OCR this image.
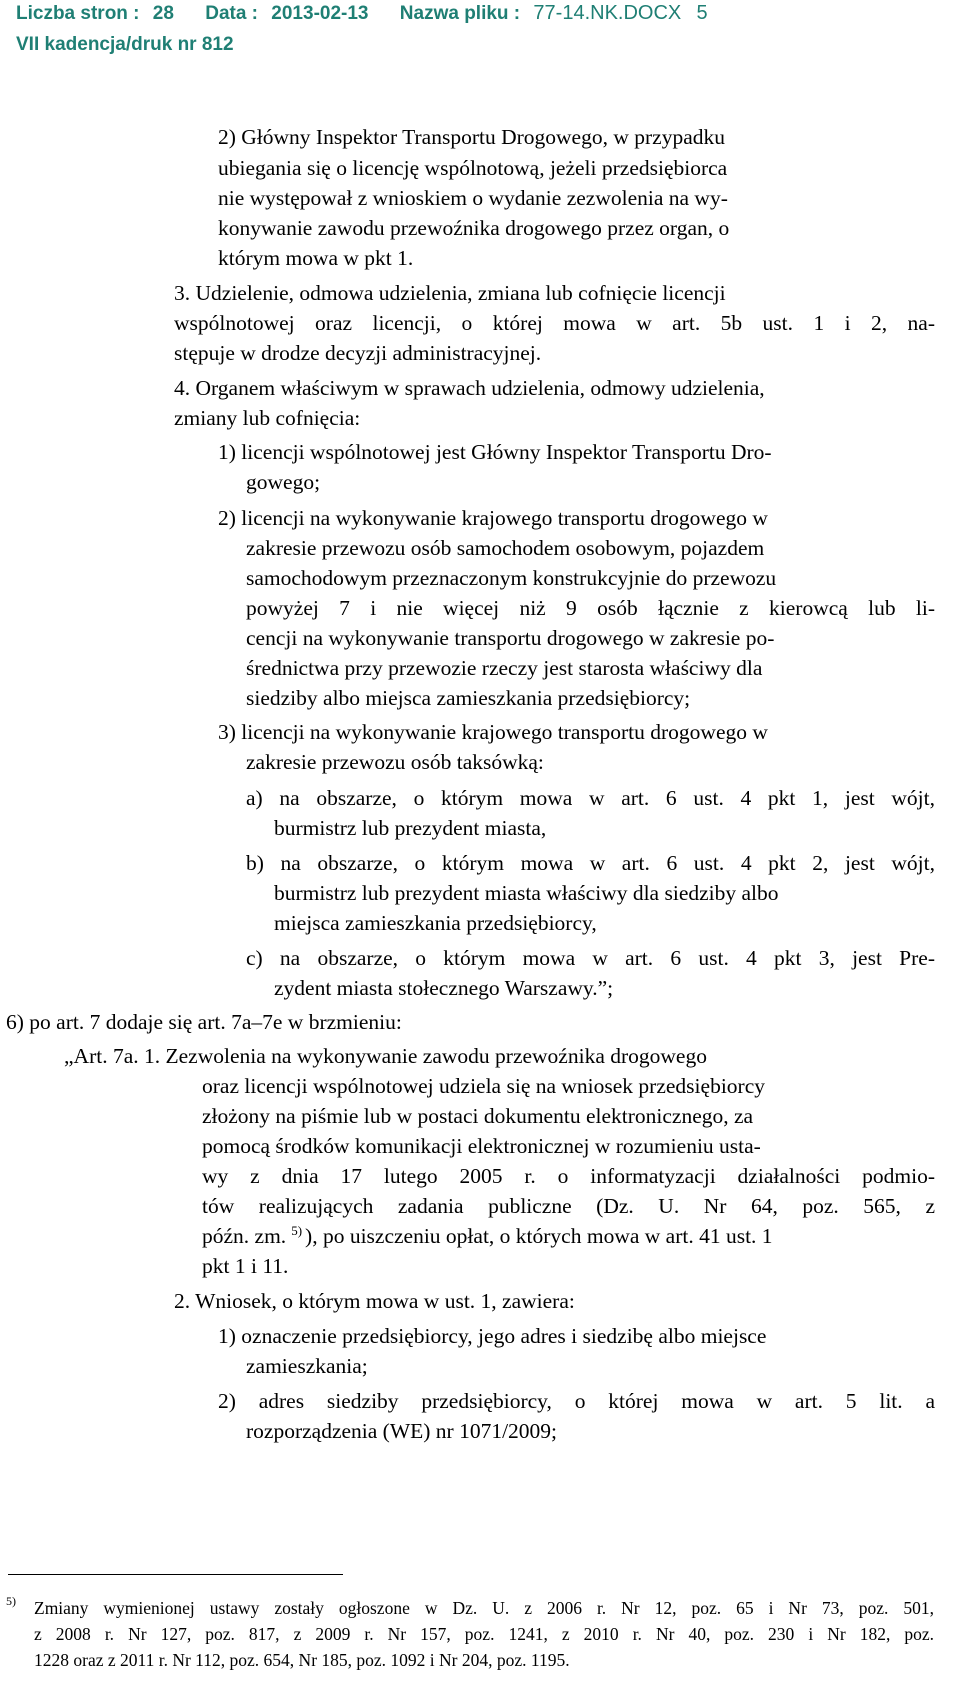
Liczba stron : 28 Data : 2013-02-13 Nazwa pliku : 77-14.NK.DOCX 5
VII kadencja/druk nr 812
2) Główny Inspektor Transportu Drogowego, w przypadku
ubiegania się o licencję wspólnotową, jeżeli przedsiębiorca
nie występował z wnioskiem o wydanie zezwolenia na wy-
konywanie zawodu przewoźnika drogowego przez organ, o
którym mowa w pkt 1.
3. Udzielenie, odmowa udzielenia, zmiana lub cofnięcie licencji
wspólnotowej oraz licencji, o której mowa w art. 5b ust. 1 i 2, na-
stępuje w drodze decyzji administracyjnej.
4. Organem właściwym w sprawach udzielenia, odmowy udzielenia,
zmiany lub cofnięcia:
1) licencji wspólnotowej jest Główny Inspektor Transportu Dro-
gowego;
2) licencji na wykonywanie krajowego transportu drogowego w
zakresie przewozu osób samochodem osobowym, pojazdem
samochodowym przeznaczonym konstrukcyjnie do przewozu
powyżej 7 i nie więcej niż 9 osób łącznie z kierowcą lub li-
cencji na wykonywanie transportu drogowego w zakresie po-
średnictwa przy przewozie rzeczy jest starosta właściwy dla
siedziby albo miejsca zamieszkania przedsiębiorcy;
3) licencji na wykonywanie krajowego transportu drogowego w
zakresie przewozu osób taksówką:
a) na obszarze, o którym mowa w art. 6 ust. 4 pkt 1, jest wójt,
burmistrz lub prezydent miasta,
b) na obszarze, o którym mowa w art. 6 ust. 4 pkt 2, jest wójt,
burmistrz lub prezydent miasta właściwy dla siedziby albo
miejsca zamieszkania przedsiębiorcy,
c) na obszarze, o którym mowa w art. 6 ust. 4 pkt 3, jest Pre-
zydent miasta stołecznego Warszawy.”;
6) po art. 7 dodaje się art. 7a–7e w brzmieniu:
„Art. 7a. 1. Zezwolenia na wykonywanie zawodu przewoźnika drogowego
oraz licencji wspólnotowej udziela się na wniosek przedsiębiorcy
złożony na piśmie lub w postaci dokumentu elektronicznego, za
pomocą środków komunikacji elektronicznej w rozumieniu usta-
wy z dnia 17 lutego 2005 r. o informatyzacji działalności podmio-
tów realizujących zadania publiczne (Dz. U. Nr 64, poz. 565, z
późn. zm. $^{5)}$ ), po uiszczeniu opłat, o których mowa w art. 41 ust. 1
pkt 1 i 11.
2. Wniosek, o którym mowa w ust. 1, zawiera:
1) oznaczenie przedsiębiorcy, jego adres i siedzibę albo miejsce
zamieszkania;
2) adres siedziby przedsiębiorcy, o której mowa w art. 5 lit. a
rozporządzenia (WE) nr 1071/2009;
5) Zmiany wymienionej ustawy zostały ogłoszone w Dz. U. z 2006 r. Nr 12, poz. 65 i Nr 73, poz. 501,
z 2008 r. Nr 127, poz. 817, z 2009 r. Nr 157, poz. 1241, z 2010 r. Nr 40, poz. 230 i Nr 182, poz.
1228 oraz z 2011 r. Nr 112, poz. 654, Nr 185, poz. 1092 i Nr 204, poz. 1195.
